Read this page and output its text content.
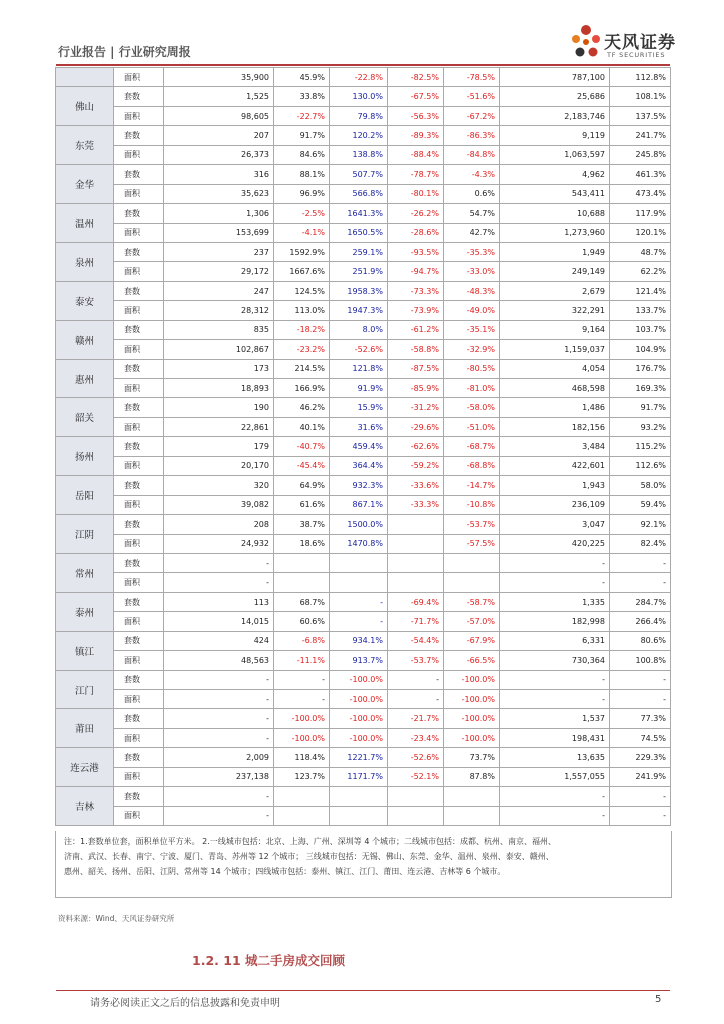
行业报告 | 行业研究周报	天风证券
TF SECURITIES
	面积	35,900	45.9%	-22.8%	-82.5%	-78.5%	787,100	112.8%
佛山	套数	1,525	33.8%	130.0%	-67.5%	-51.6%	25,686	108.1%
	面积	98,605	-22.7%	79.8%	-56.3%	-67.2%	2,183,746	137.5%
东莞	套数	207	91.7%	120.2%	-89.3%	-86.3%	9,119	241.7%
	面积	26,373	84.6%	138.8%	-88.4%	-84.8%	1,063,597	245.8%
金华	套数	316	88.1%	507.7%	-78.7%	-4.3%	4,962	461.3%
	面积	35,623	96.9%	566.8%	-80.1%	0.6%	543,411	473.4%
温州	套数	1,306	-2.5%	1641.3%	-26.2%	54.7%	10,688	117.9%
	面积	153,699	-4.1%	1650.5%	-28.6%	42.7%	1,273,960	120.1%
泉州	套数	237	1592.9%	259.1%	-93.5%	-35.3%	1,949	48.7%
	面积	29,172	1667.6%	251.9%	-94.7%	-33.0%	249,149	62.2%
泰安	套数	247	124.5%	1958.3%	-73.3%	-48.3%	2,679	121.4%
	面积	28,312	113.0%	1947.3%	-73.9%	-49.0%	322,291	133.7%
赣州	套数	835	-18.2%	8.0%	-61.2%	-35.1%	9,164	103.7%
	面积	102,867	-23.2%	-52.6%	-58.8%	-32.9%	1,159,037	104.9%
惠州	套数	173	214.5%	121.8%	-87.5%	-80.5%	4,054	176.7%
	面积	18,893	166.9%	91.9%	-85.9%	-81.0%	468,598	169.3%
韶关	套数	190	46.2%	15.9%	-31.2%	-58.0%	1,486	91.7%
	面积	22,861	40.1%	31.6%	-29.6%	-51.0%	182,156	93.2%
扬州	套数	179	-40.7%	459.4%	-62.6%	-68.7%	3,484	115.2%
	面积	20,170	-45.4%	364.4%	-59.2%	-68.8%	422,601	112.6%
岳阳	套数	320	64.9%	932.3%	-33.6%	-14.7%	1,943	58.0%
	面积	39,082	61.6%	867.1%	-33.3%	-10.8%	236,109	59.4%
江阴	套数	208	38.7%	1500.0%		-53.7%	3,047	92.1%
	面积	24,932	18.6%	1470.8%		-57.5%	420,225	82.4%
常州	套数	-					-	-
	面积	-					-	-
泰州	套数	113	68.7%	-	-69.4%	-58.7%	1,335	284.7%
	面积	14,015	60.6%	-	-71.7%	-57.0%	182,998	266.4%
镇江	套数	424	-6.8%	934.1%	-54.4%	-67.9%	6,331	80.6%
	面积	48,563	-11.1%	913.7%	-53.7%	-66.5%	730,364	100.8%
江门	套数	-	-	-100.0%	-	-100.0%	-	-
	面积	-	-	-100.0%	-	-100.0%	-	-
莆田	套数	-	-100.0%	-100.0%	-21.7%	-100.0%	1,537	77.3%
	面积	-	-100.0%	-100.0%	-23.4%	-100.0%	198,431	74.5%
连云港	套数	2,009	118.4%	1221.7%	-52.6%	73.7%	13,635	229.3%
	面积	237,138	123.7%	1171.7%	-52.1%	87.8%	1,557,055	241.9%
吉林	套数	-					-	-
	面积	-					-	-
注：1.套数单位套，面积单位平方米。 2.一线城市包括：北京、上海、广州、深圳等 4 个城市；二线城市包括：成都、杭州、南京、福州、
济南、武汉、长春、南宁、宁波、厦门、青岛、苏州等 12 个城市； 三线城市包括：无锡、佛山、东莞、金华、温州、泉州、泰安、赣州、
惠州、韶关、扬州、岳阳、江阴、常州等 14 个城市；四线城市包括：泰州、镇江、江门、莆田、连云港、吉林等 6 个城市。
资料来源：Wind、天风证券研究所
1.2. 11 城二手房成交回顾
请务必阅读正文之后的信息披露和免责申明	5
